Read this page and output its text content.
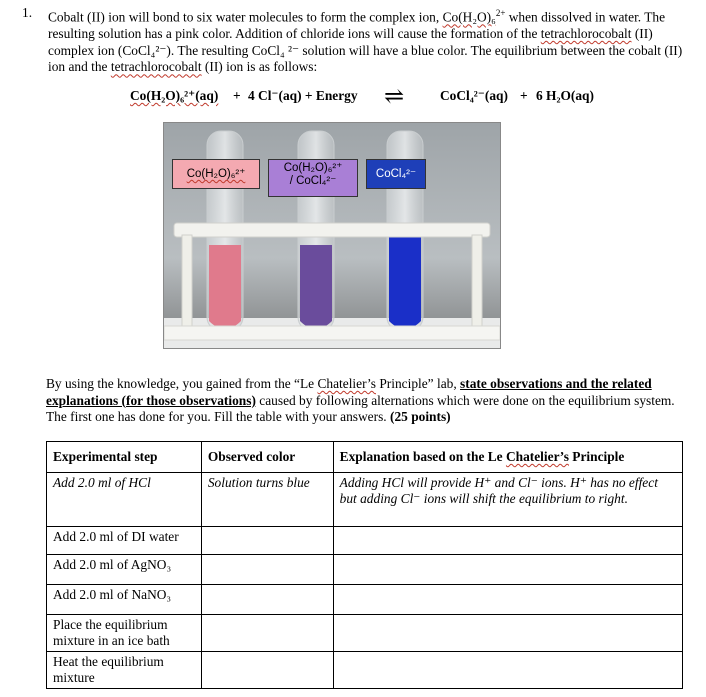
1. Cobalt (II) ion will bond to six water molecules to form the complex ion, Co(H₂O)₆$^{2+}$ when dissolved in water. The resulting solution has a pink color. Addition of chloride ions will cause the formation of the tetrachlorocobalt (II) complex ion (CoCl₄²⁻). The resulting CoCl₄ ²⁻ solution will have a blue color. The equilibrium between the cobalt (II) ion and the tetrachlorocobalt (II) ion is as follows:
Co(H₂O)₆²⁺(aq) + 4 Cl⁻(aq) + Energy ⇌	CoCl₄²⁻(aq) + 6 H₂O(aq)
Co(H₂O)₆²⁺	Co(H₂O)₆²⁺
/ CoCl₄²⁻
CoCl₄²⁻
By using the knowledge, you gained from the “Le Chatelier’s Principle” lab, state observations and the related explanations (for those observations) caused by following alternations which were done on the equilibrium system. The first one has done for you. Fill the table with your answers. (25 points)
Experimental step	Observed color	Explanation based on the Le Chatelier’s Principle
Add 2.0 ml of HCl	Solution turns blue	Adding HCl will provide H⁺ and Cl⁻ ions. H⁺ has no effect but adding Cl⁻ ions will shift the equilibrium to right.
Add 2.0 ml of DI water		
Add 2.0 ml of AgNO₃		
Add 2.0 ml of NaNO₃		
Place the equilibrium mixture in an ice bath		
Heat the equilibrium mixture		
